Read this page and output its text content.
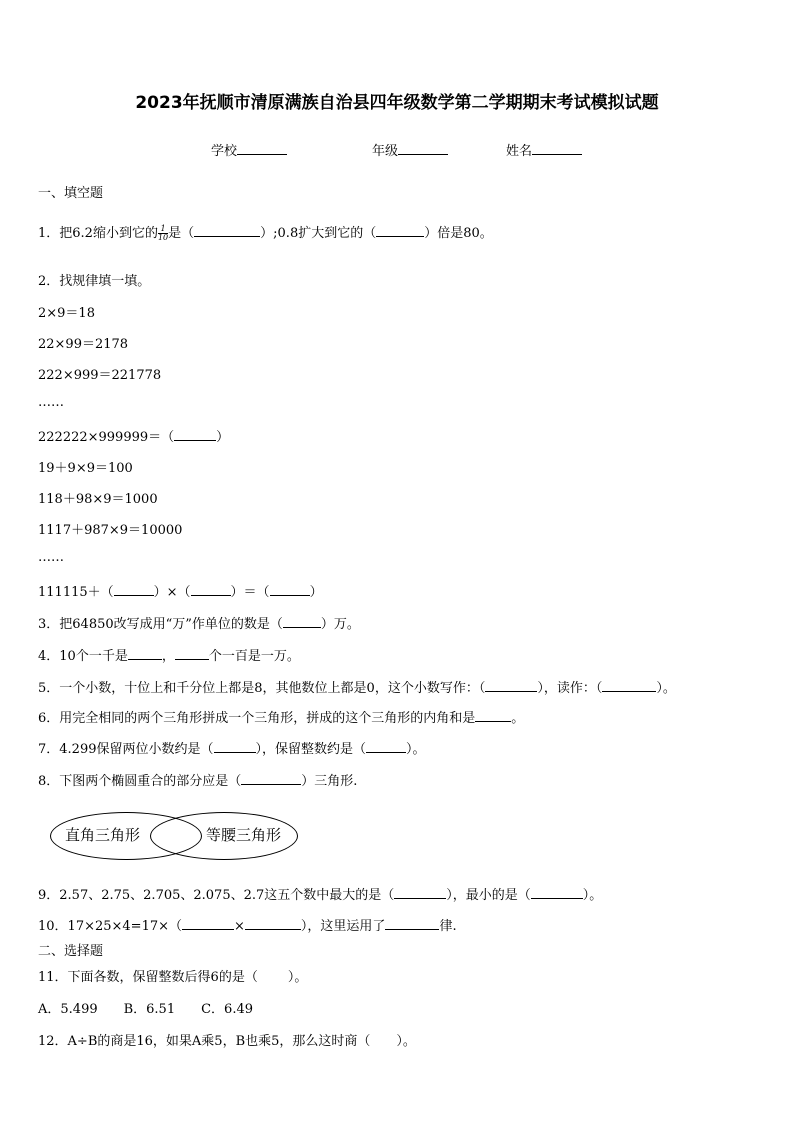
2023年抚顺市清原满族自治县四年级数学第二学期期末考试模拟试题
学校	年级	姓名
一、填空题
1．把6.2缩小到它的 $\frac{1}{10}$ 是（	）;0.8扩大到它的（	）倍是80。
2．找规律填一填。
2×9＝18
22×99＝2178
222×999＝221778
……
222222×999999＝（	）
19＋9×9＝100
118＋98×9＝1000
1117＋987×9＝10000
……
111115＋（	）×（	）＝（	）
3．把64850改写成用“万”作单位的数是（	）万。
4．10个一千是	，	个一百是一万。
5．一个小数，十位上和千分位上都是8，其他数位上都是0，这个小数写作：（	），读作：（	）。
6．用完全相同的两个三角形拼成一个三角形，拼成的这个三角形的内角和是	。
7．4.299保留两位小数约是（	），保留整数约是（	）。
8．下图两个椭圆重合的部分应是（	）三角形.
直角三角形	等腰三角形
9．2.57、2.75、2.705、2.075、2.7这五个数中最大的是（	），最小的是（	）。
10．17×25×4=17×（	×	），这里运用了	律.
二、选择题
11．下面各数，保留整数后得6的是（ ）。
A．5.499　　B．6.51　　C．6.49
12．A÷B的商是16，如果A乘5，B也乘5，那么这时商（　　）。
